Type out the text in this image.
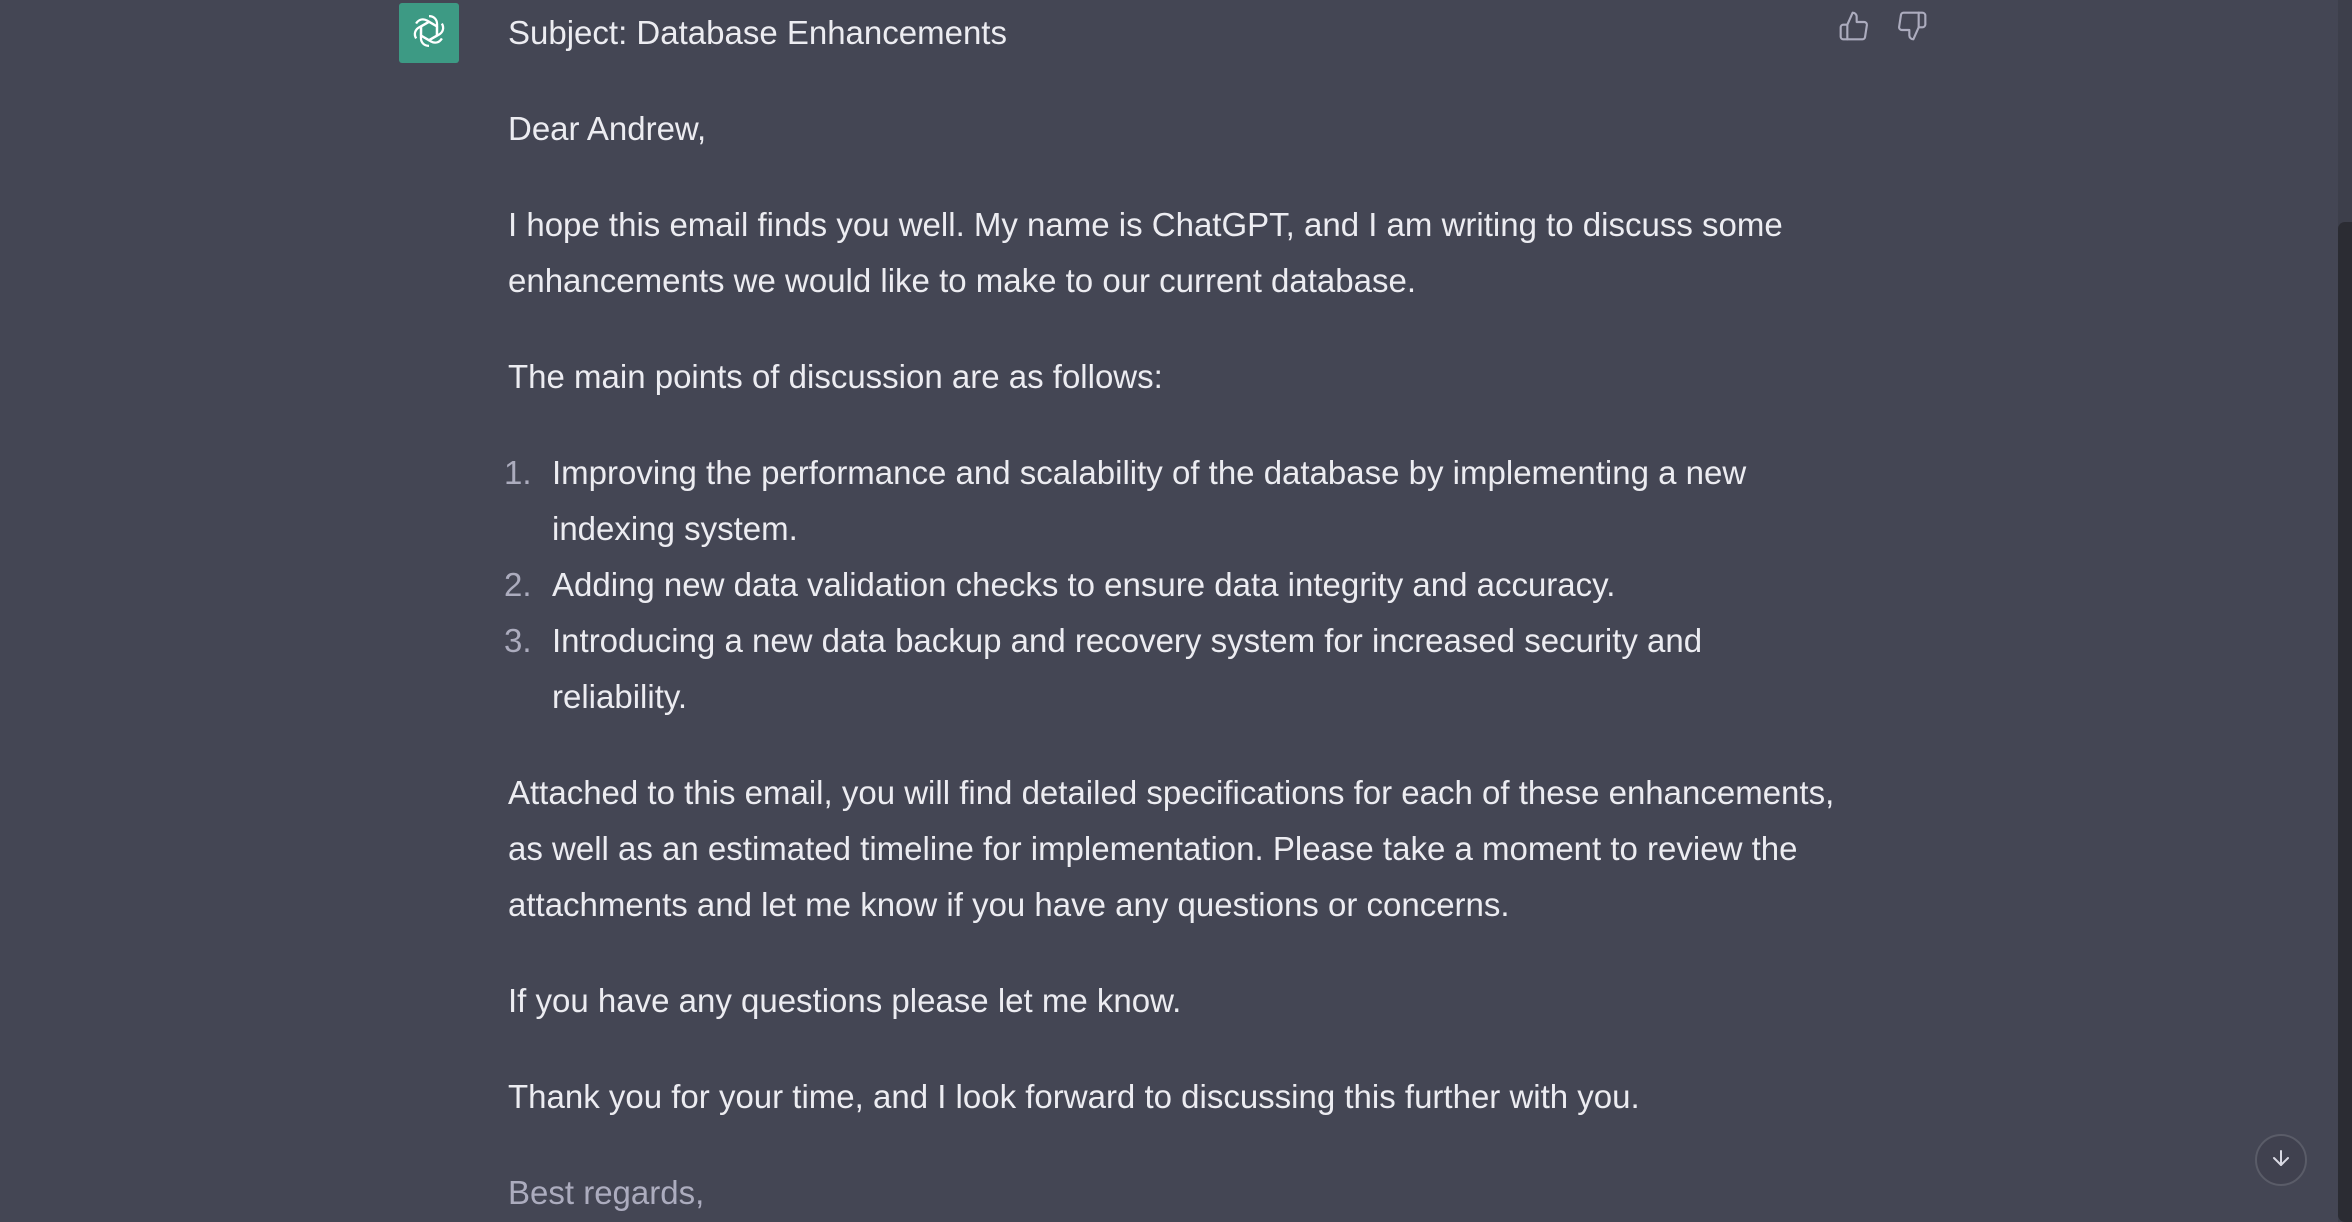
Subject: Database Enhancements

Dear Andrew,

I hope this email finds you well. My name is ChatGPT, and I am writing to discuss some enhancements we would like to make to our current database.

The main points of discussion are as follows:

1. Improving the performance and scalability of the database by implementing a new indexing system.
2. Adding new data validation checks to ensure data integrity and accuracy.
3. Introducing a new data backup and recovery system for increased security and reliability.

Attached to this email, you will find detailed specifications for each of these enhancements, as well as an estimated timeline for implementation. Please take a moment to review the attachments and let me know if you have any questions or concerns.

If you have any questions please let me know.

Thank you for your time, and I look forward to discussing this further with you.

Best regards,
